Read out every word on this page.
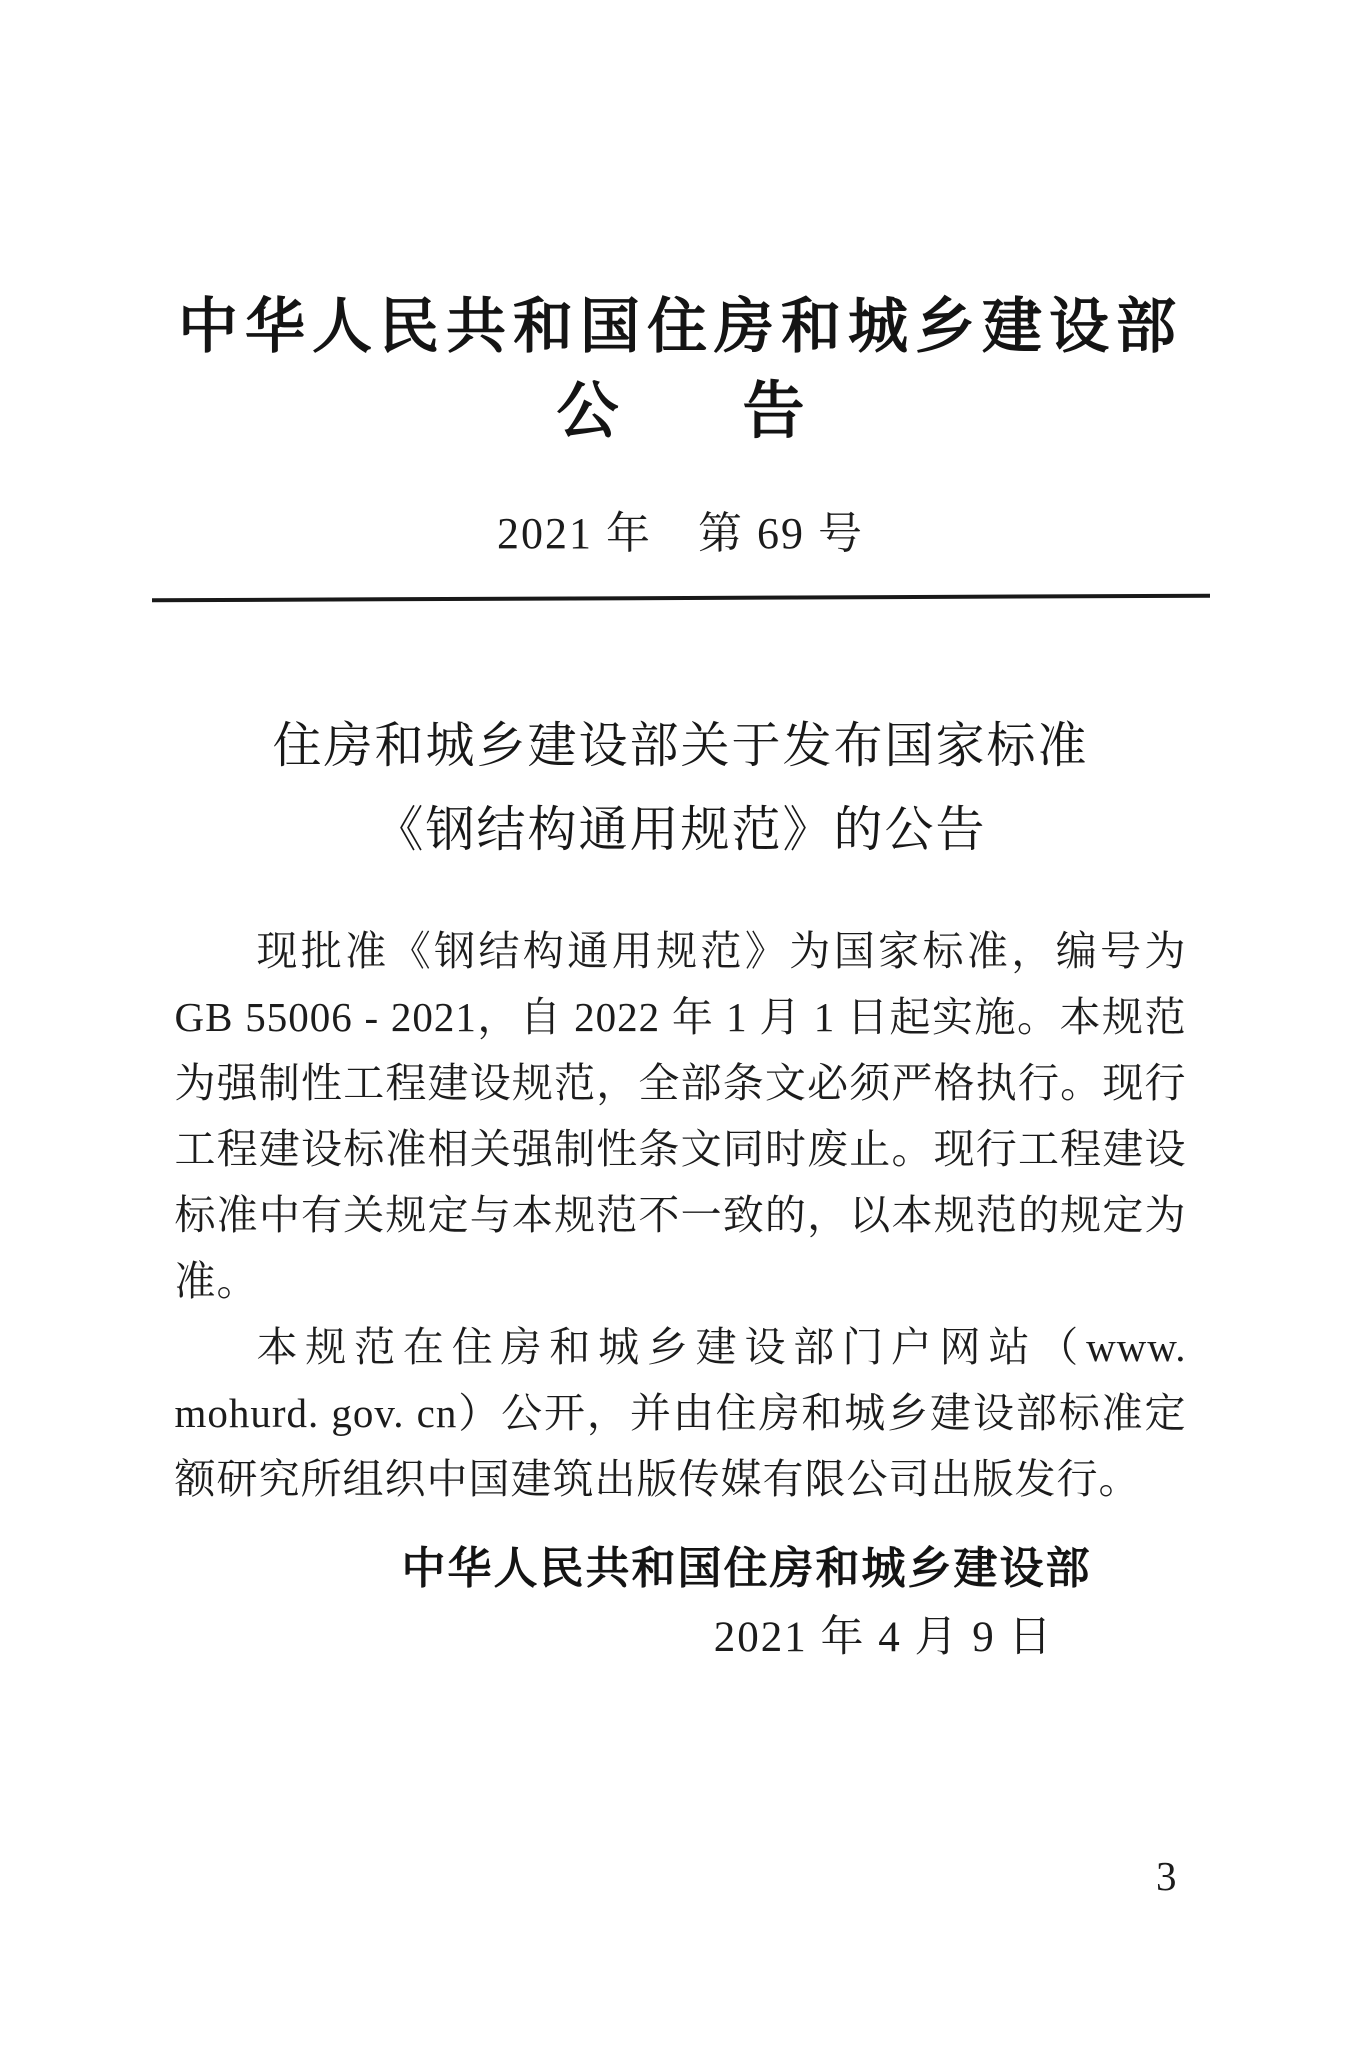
中华人民共和国住房和城乡建设部
公　　告
2021 年　第 69 号
住房和城乡建设部关于发布国家标准
《钢结构通用规范》的公告

现批准《钢结构通用规范》为国家标准，编号为 GB 55006 - 2021，自 2022 年 1 月 1 日起实施。本规范为强制性工程建设规范，全部条文必须严格执行。现行工程建设标准相关强制性条文同时废止。现行工程建设标准中有关规定与本规范不一致的，以本规范的规定为准。

本规范在住房和城乡建设部门户网站（www. mohurd. gov. cn）公开，并由住房和城乡建设部标准定额研究所组织中国建筑出版传媒有限公司出版发行。

中华人民共和国住房和城乡建设部
2021 年 4 月 9 日
3
